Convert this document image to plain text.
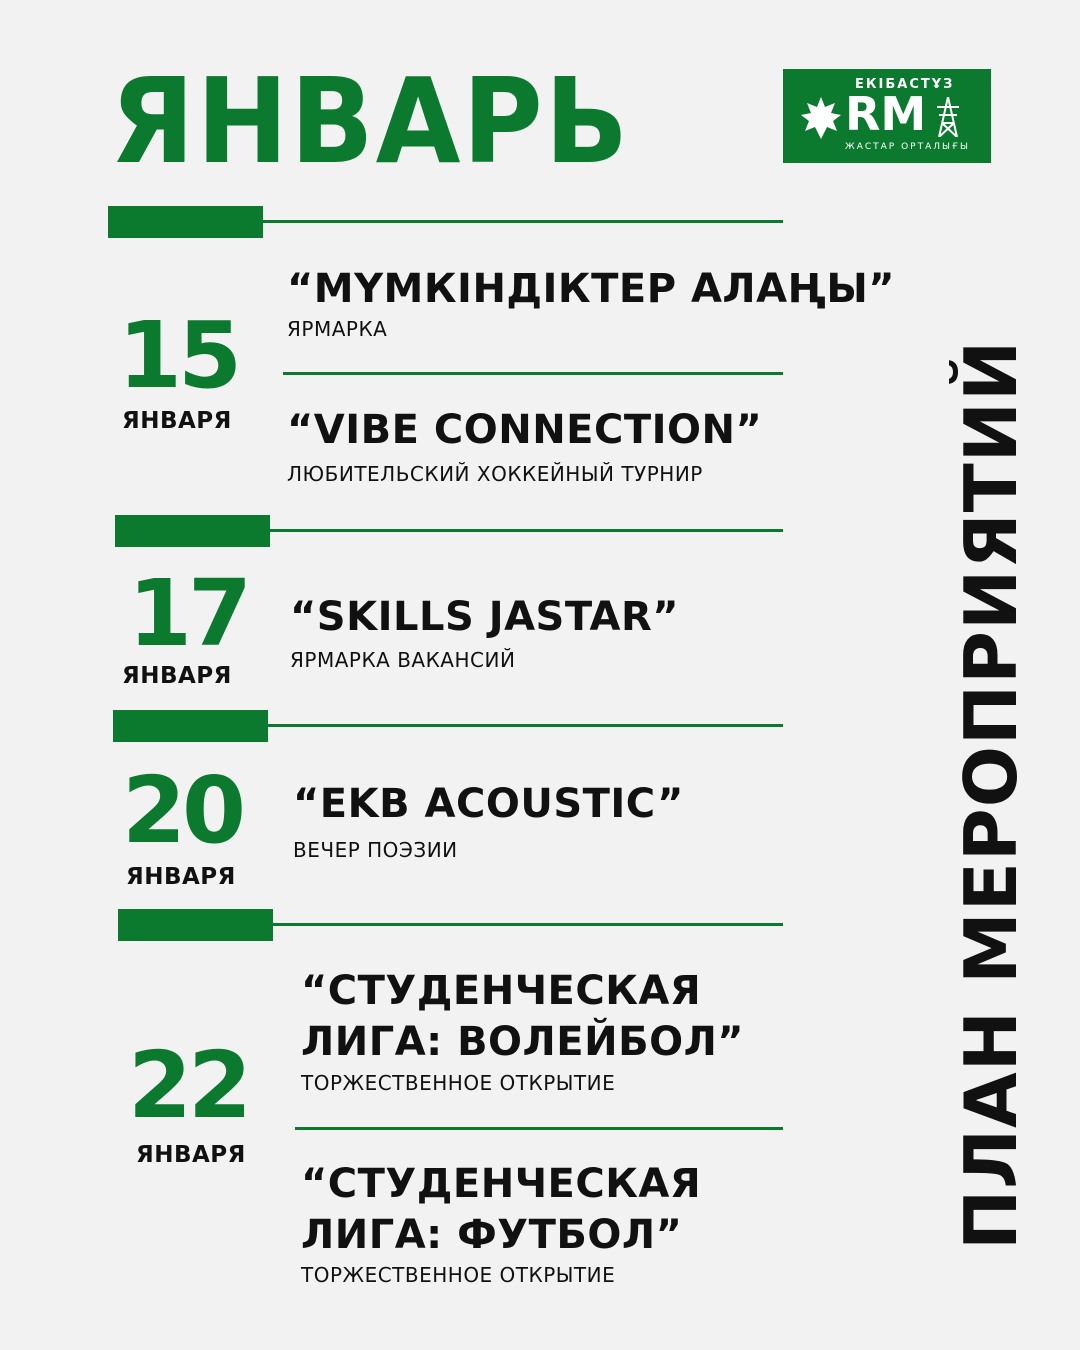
ЯНВАРЬ	ЕКІБАСТҰЗ
RM
ЖАСТАР ОРТАЛЫҒЫ
15
ЯНВАРЯ
17
ЯНВАРЯ
20
ЯНВАРЯ
22
ЯНВАРЯ
“МҮМКІНДІКТЕР АЛАҢЫ”
ЯРМАРКА
“VIBE CONNECTION”
ЛЮБИТЕЛЬСКИЙ ХОККЕЙНЫЙ ТУРНИР
“SKILLS JASTAR”
ЯРМАРКА ВАКАНСИЙ
“EKB ACOUSTIC”
ВЕЧЕР ПОЭЗИИ
“СТУДЕНЧЕСКАЯ
ЛИГА: ВОЛЕЙБОЛ”
ТОРЖЕСТВЕННОЕ ОТКРЫТИЕ
“СТУДЕНЧЕСКАЯ
ЛИГА: ФУТБОЛ”
ТОРЖЕСТВЕННОЕ ОТКРЫТИЕ
ПЛАН МЕРОПРИЯТИЙ
